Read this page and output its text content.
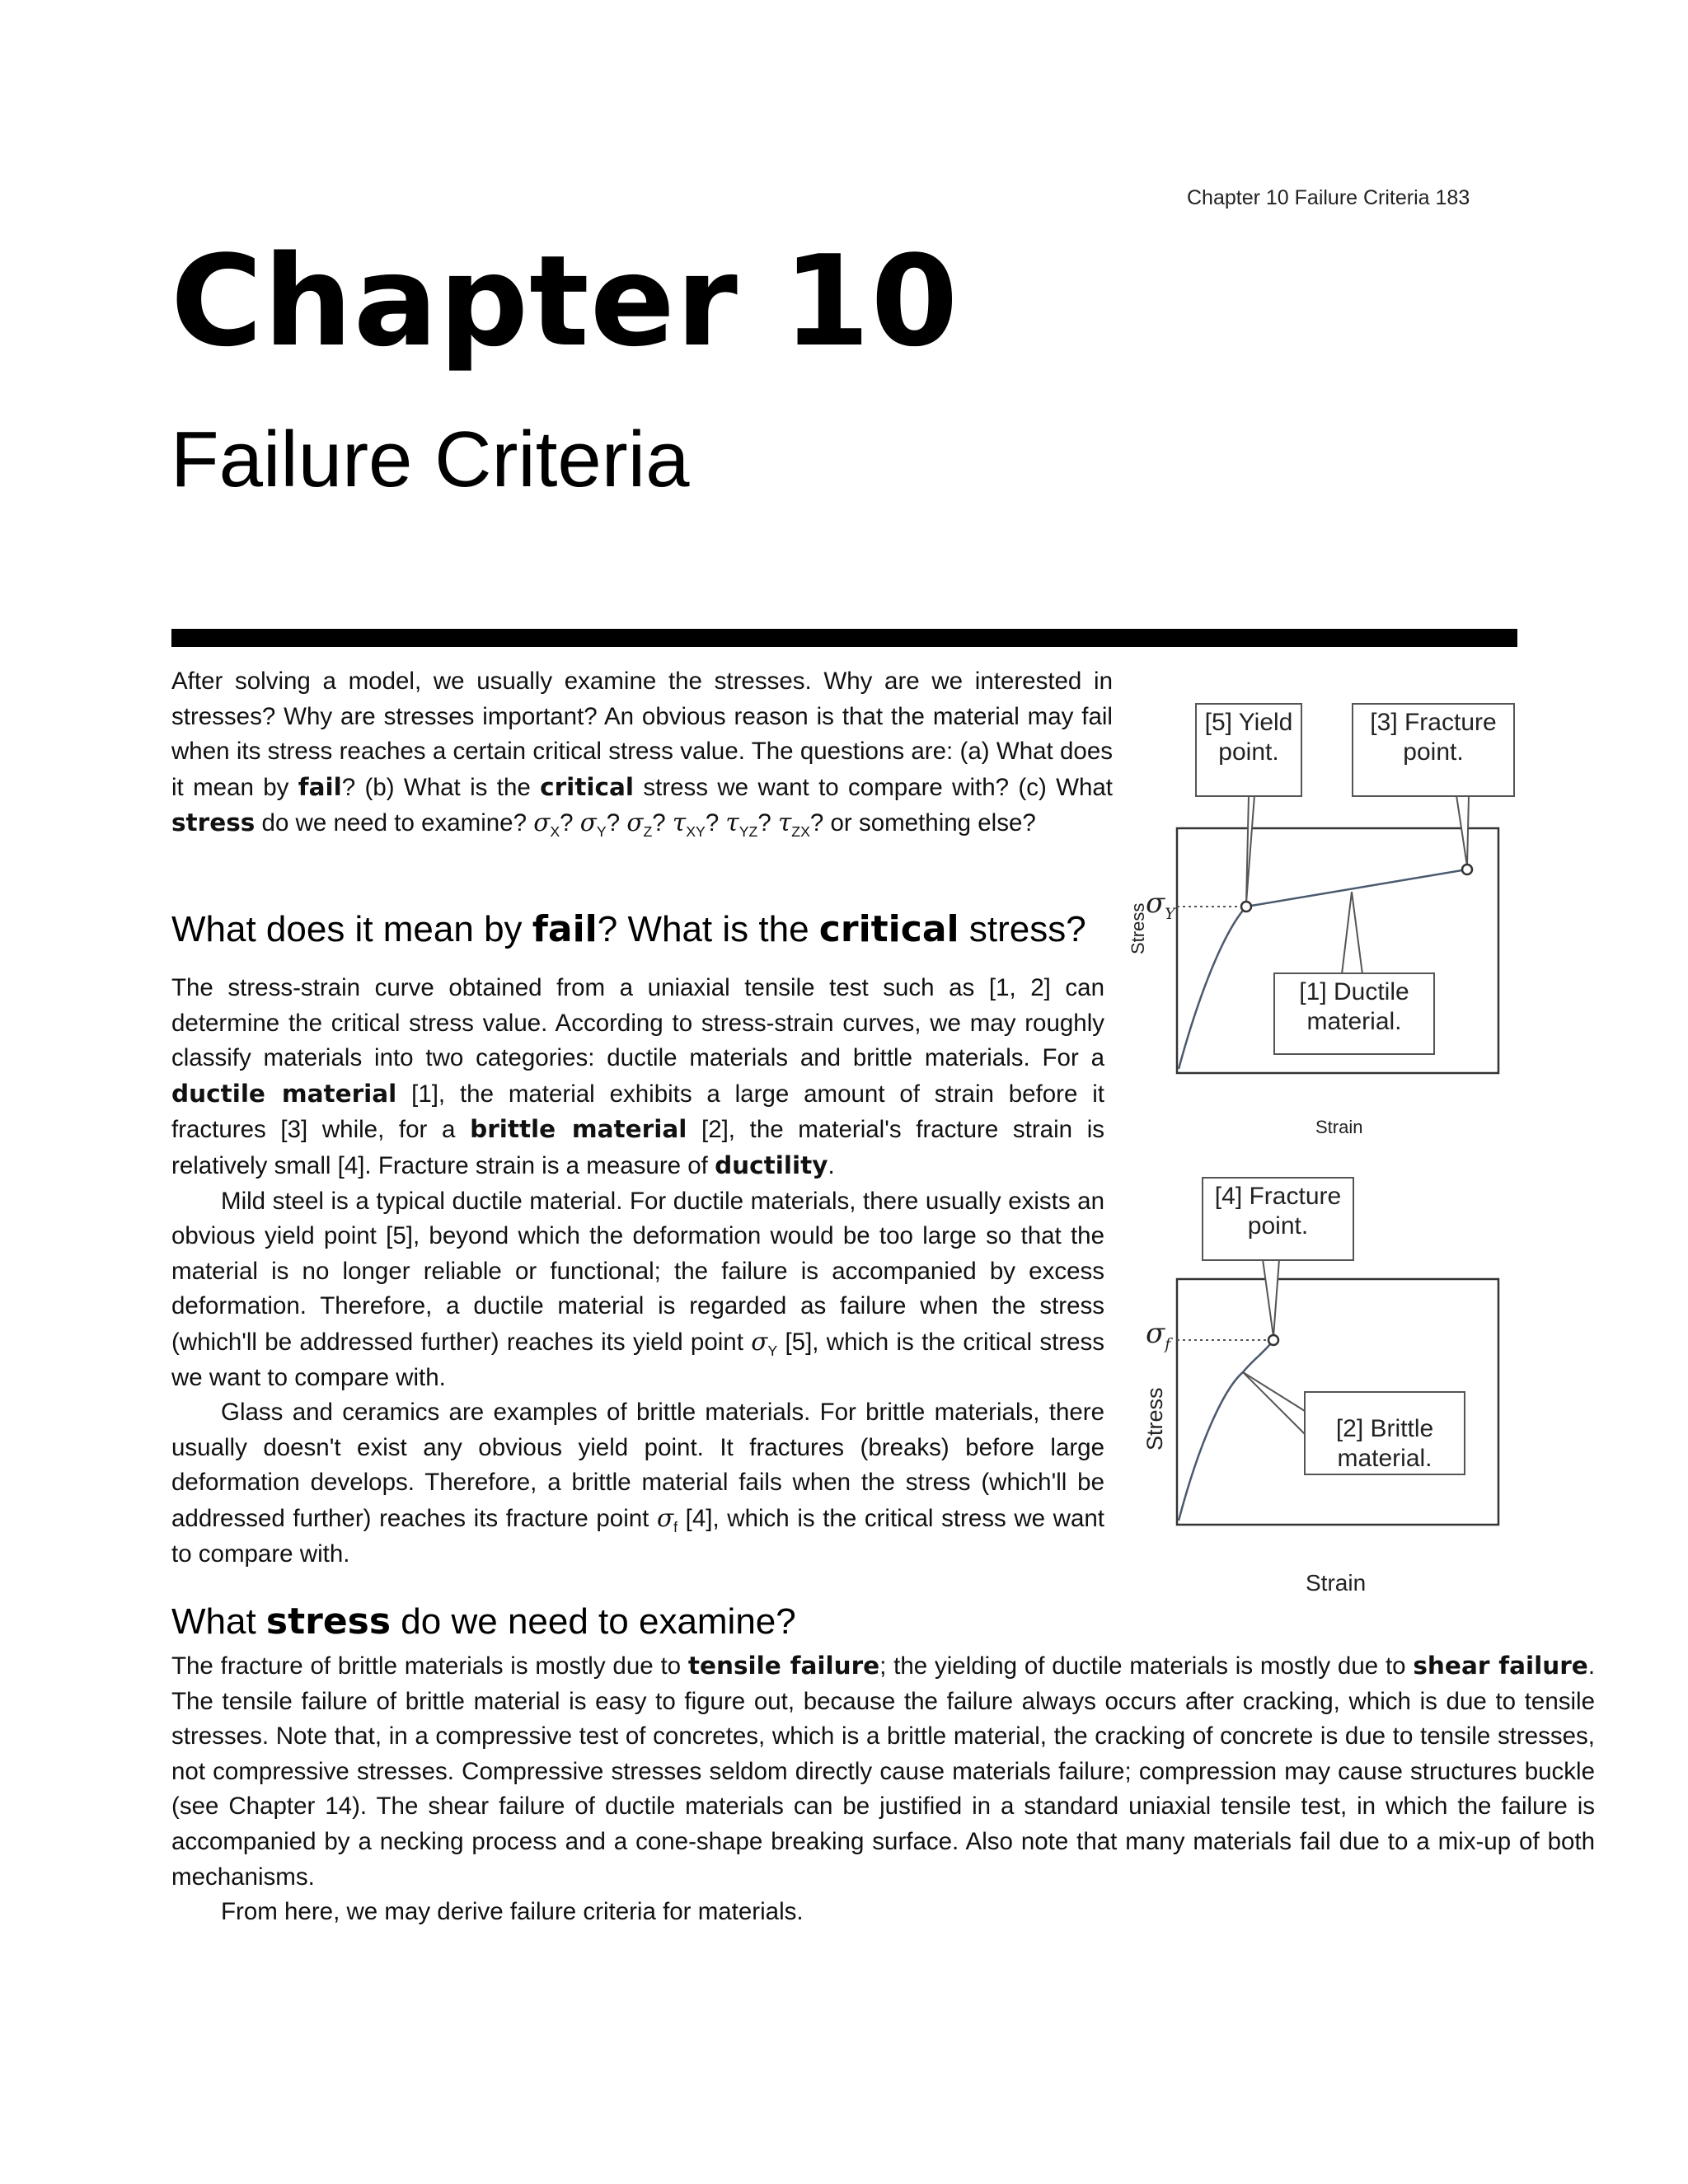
Chapter 10 Failure Criteria 183
Chapter 10
Failure Criteria
After solving a model, we usually examine the stresses. Why are we interested in stresses? Why are stresses important? An obvious reason is that the material may fail when its stress reaches a certain critical stress value. The questions are: (a) What does it mean by fail? (b) What is the critical stress we want to compare with? (c) What stress do we need to examine? $\sigma_X$? $\sigma_Y$? $\sigma_Z$? $\tau_{XY}$? $\tau_{YZ}$? $\tau_{ZX}$? or something else?
What does it mean by fail? What is the critical stress?
The stress-strain curve obtained from a uniaxial tensile test such as [1, 2] can determine the critical stress value. According to stress-strain curves, we may roughly classify materials into two categories: ductile materials and brittle materials. For a ductile material [1], the material exhibits a large amount of strain before it fractures [3] while, for a brittle material [2], the material's fracture strain is relatively small [4]. Fracture strain is a measure of ductility.
Mild steel is a typical ductile material. For ductile materials, there usually exists an obvious yield point [5], beyond which the deformation would be too large so that the material is no longer reliable or functional; the failure is accompanied by excess deformation. Therefore, a ductile material is regarded as failure when the stress (which'll be addressed further) reaches its yield point $\sigma_Y$ [5], which is the critical stress we want to compare with.
Glass and ceramics are examples of brittle materials. For brittle materials, there usually doesn't exist any obvious yield point. It fractures (breaks) before large deformation develops. Therefore, a brittle material fails when the stress (which'll be addressed further) reaches its fracture point $\sigma_f$ [4], which is the critical stress we want to compare with.
What stress do we need to examine?
The fracture of brittle materials is mostly due to tensile failure; the yielding of ductile materials is mostly due to shear failure. The tensile failure of brittle material is easy to figure out, because the failure always occurs after cracking, which is due to tensile stresses. Note that, in a compressive test of concretes, which is a brittle material, the cracking of concrete is due to tensile stresses, not compressive stresses. Compressive stresses seldom directly cause materials failure; compression may cause structures buckle (see Chapter 14). The shear failure of ductile materials can be justified in a standard uniaxial tensile test, in which the failure is accompanied by a necking process and a cone-shape breaking surface. Also note that many materials fail due to a mix-up of both mechanisms.
From here, we may derive failure criteria for materials.
[5] Yield point.
[3] Fracture point.
[1] Ductile material.
$\sigma_Y$
Stress
Strain
[4] Fracture point.
[2] Brittle material.
$\sigma_f$
Stress
Strain
